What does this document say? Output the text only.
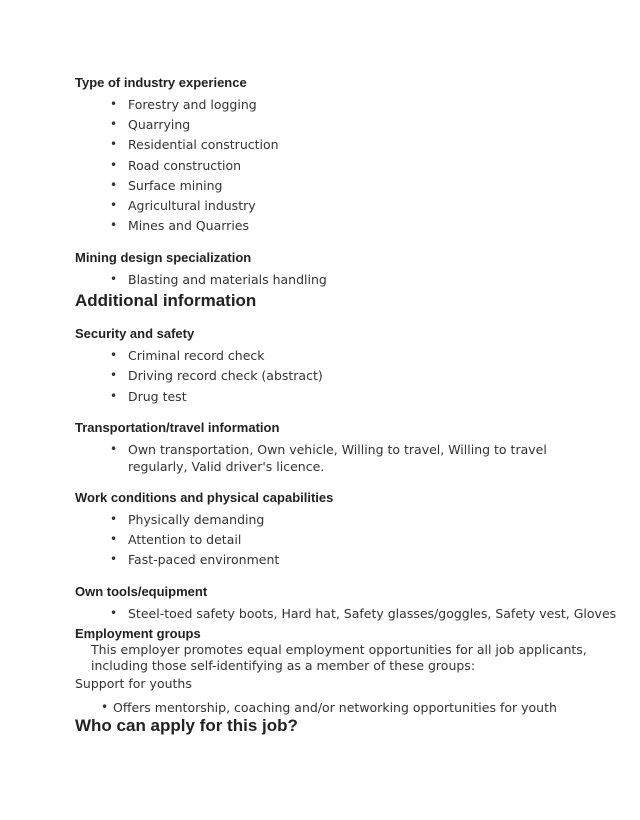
Type of industry experience
• Forestry and logging
• Quarrying
• Residential construction
• Road construction
• Surface mining
• Agricultural industry
• Mines and Quarries
Mining design specialization
• Blasting and materials handling
Additional information
Security and safety
• Criminal record check
• Driving record check (abstract)
• Drug test
Transportation/travel information
• Own transportation, Own vehicle, Willing to travel, Willing to travel regularly, Valid driver's licence.
Work conditions and physical capabilities
• Physically demanding
• Attention to detail
• Fast-paced environment
Own tools/equipment
• Steel-toed safety boots, Hard hat, Safety glasses/goggles, Safety vest, Gloves
Employment groups
This employer promotes equal employment opportunities for all job applicants,
including those self-identifying as a member of these groups:
Support for youths
• Offers mentorship, coaching and/or networking opportunities for youth
Who can apply for this job?
